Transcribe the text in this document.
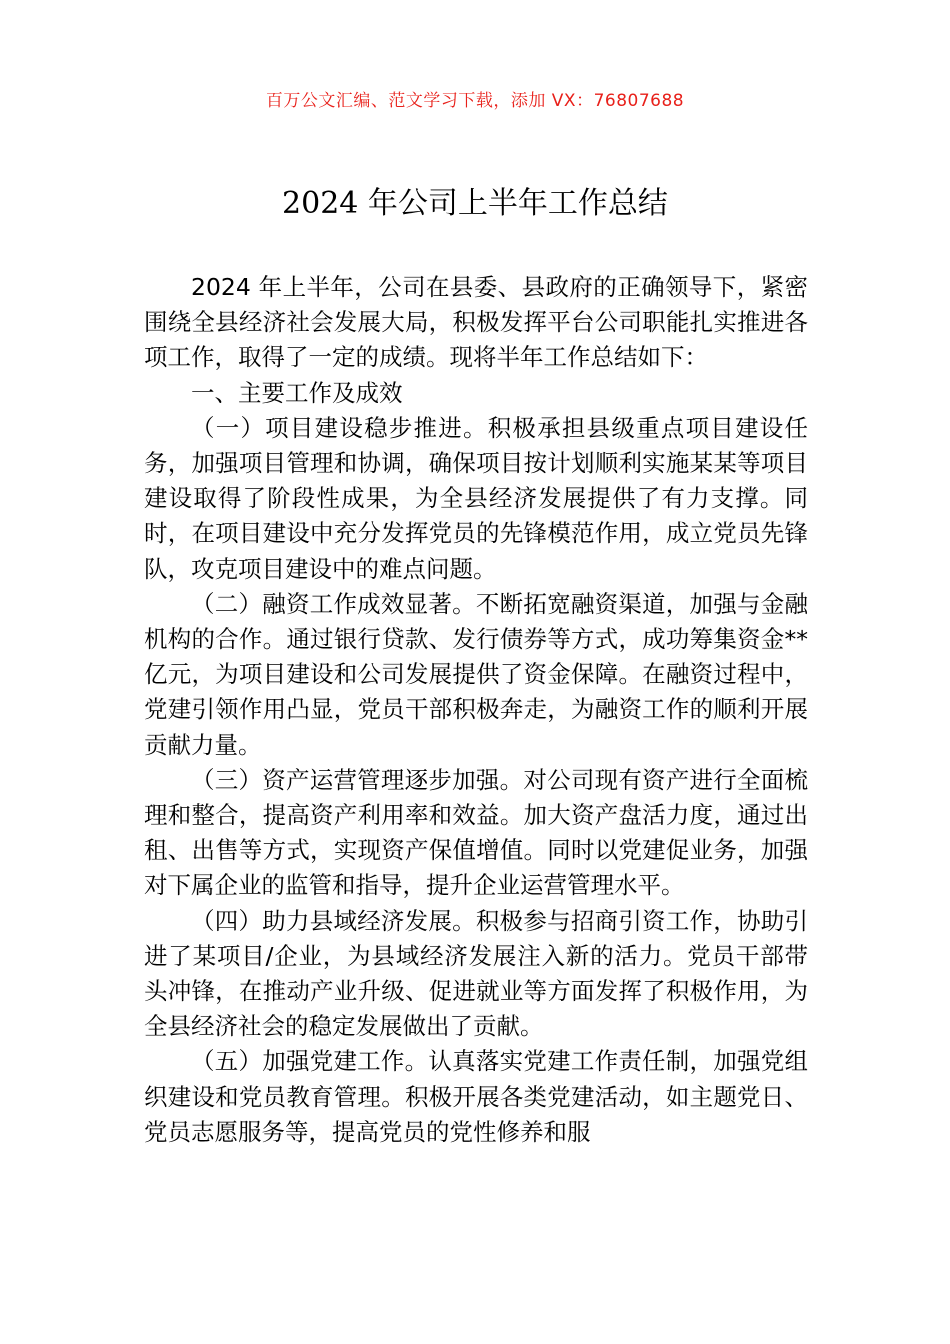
百万公文汇编、范文学习下载，添加 VX：76807688
2024 年公司上半年工作总结

2024 年上半年，公司在县委、县政府的正确领导下，紧密围绕全县经济社会发展大局，积极发挥平台公司职能扎实推进各项工作，取得了一定的成绩。现将半年工作总结如下：

一、主要工作及成效

（一）项目建设稳步推进。积极承担县级重点项目建设任务，加强项目管理和协调，确保项目按计划顺利实施某某等项目建设取得了阶段性成果，为全县经济发展提供了有力支撑。同时，在项目建设中充分发挥党员的先锋模范作用，成立党员先锋队，攻克项目建设中的难点问题。

（二）融资工作成效显著。不断拓宽融资渠道，加强与金融机构的合作。通过银行贷款、发行债券等方式，成功筹集资金**亿元，为项目建设和公司发展提供了资金保障。在融资过程中，党建引领作用凸显，党员干部积极奔走，为融资工作的顺利开展贡献力量。

（三）资产运营管理逐步加强。对公司现有资产进行全面梳理和整合，提高资产利用率和效益。加大资产盘活力度，通过出租、出售等方式，实现资产保值增值。同时以党建促业务，加强对下属企业的监管和指导，提升企业运营管理水平。

（四）助力县域经济发展。积极参与招商引资工作，协助引进了某项目/企业，为县域经济发展注入新的活力。党员干部带头冲锋，在推动产业升级、促进就业等方面发挥了积极作用，为全县经济社会的稳定发展做出了贡献。

（五）加强党建工作。认真落实党建工作责任制，加强党组织建设和党员教育管理。积极开展各类党建活动，如主题党日、党员志愿服务等，提高党员的党性修养和服
